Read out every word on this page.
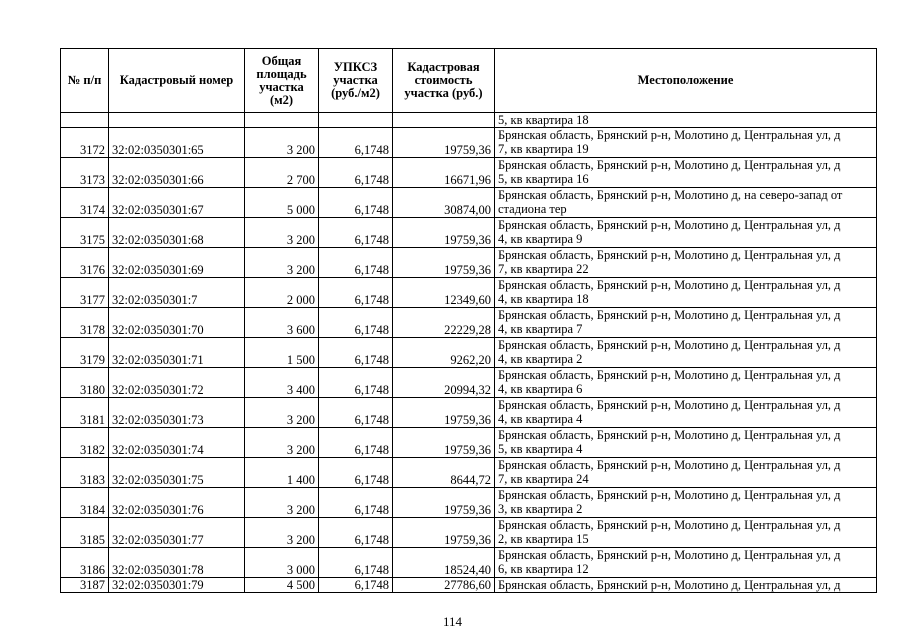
№ п/п	Кадастровый номер	Общая площадь участка (м2)	УПКСЗ участка (руб./м2)	Кадастровая стоимость участка (руб.)	Местоположение
					5, кв квартира 18
3172	32:02:0350301:65	3 200	6,1748	19759,36	Брянская область, Брянский р-н, Молотино д, Центральная ул, д
7, кв квартира 19
3173	32:02:0350301:66	2 700	6,1748	16671,96	Брянская область, Брянский р-н, Молотино д, Центральная ул, д
5, кв квартира 16
3174	32:02:0350301:67	5 000	6,1748	30874,00	Брянская область, Брянский р-н, Молотино д, на северо-запад от
стадиона тер
3175	32:02:0350301:68	3 200	6,1748	19759,36	Брянская область, Брянский р-н, Молотино д, Центральная ул, д
4, кв квартира 9
3176	32:02:0350301:69	3 200	6,1748	19759,36	Брянская область, Брянский р-н, Молотино д, Центральная ул, д
7, кв квартира 22
3177	32:02:0350301:7	2 000	6,1748	12349,60	Брянская область, Брянский р-н, Молотино д, Центральная ул, д
4, кв квартира 18
3178	32:02:0350301:70	3 600	6,1748	22229,28	Брянская область, Брянский р-н, Молотино д, Центральная ул, д
4, кв квартира 7
3179	32:02:0350301:71	1 500	6,1748	9262,20	Брянская область, Брянский р-н, Молотино д, Центральная ул, д
4, кв квартира 2
3180	32:02:0350301:72	3 400	6,1748	20994,32	Брянская область, Брянский р-н, Молотино д, Центральная ул, д
4, кв квартира 6
3181	32:02:0350301:73	3 200	6,1748	19759,36	Брянская область, Брянский р-н, Молотино д, Центральная ул, д
4, кв квартира 4
3182	32:02:0350301:74	3 200	6,1748	19759,36	Брянская область, Брянский р-н, Молотино д, Центральная ул, д
5, кв квартира 4
3183	32:02:0350301:75	1 400	6,1748	8644,72	Брянская область, Брянский р-н, Молотино д, Центральная ул, д
7, кв квартира 24
3184	32:02:0350301:76	3 200	6,1748	19759,36	Брянская область, Брянский р-н, Молотино д, Центральная ул, д
3, кв квартира 2
3185	32:02:0350301:77	3 200	6,1748	19759,36	Брянская область, Брянский р-н, Молотино д, Центральная ул, д
2, кв квартира 15
3186	32:02:0350301:78	3 000	6,1748	18524,40	Брянская область, Брянский р-н, Молотино д, Центральная ул, д
6, кв квартира 12
3187	32:02:0350301:79	4 500	6,1748	27786,60	Брянская область, Брянский р-н, Молотино д, Центральная ул, д
114
